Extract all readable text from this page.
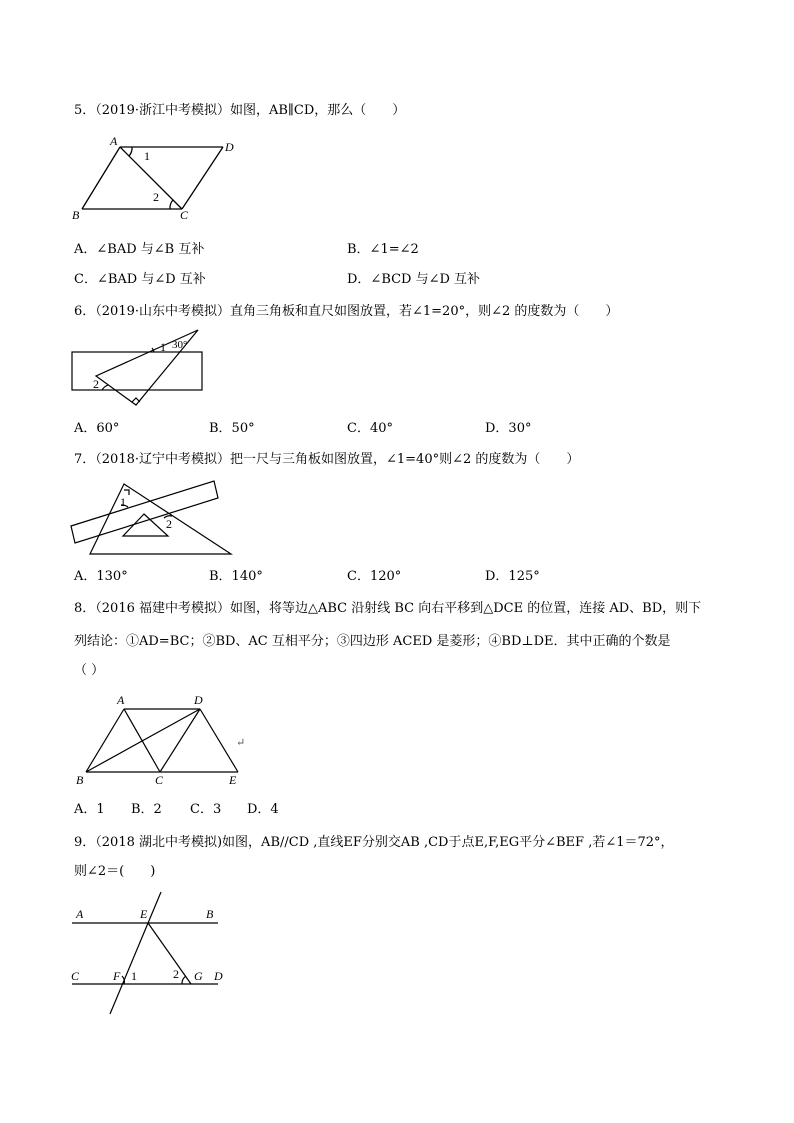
5．（2019·浙江中考模拟）如图，AB∥CD，那么（　　）
A	D
B	C
1
2
A．∠BAD 与∠B 互补	B．∠1=∠2
C．∠BAD 与∠D 互补	D．∠BCD 与∠D 互补
6．（2019·山东中考模拟）直角三角板和直尺如图放置，若∠1=20°，则∠2 的度数为（　　）
1 30°
2
A．60°	B．50°	C．40°	D．30°
7．（2018·辽宁中考模拟）把一尺与三角板如图放置，∠1=40°则∠2 的度数为（　　）
1
2
A．130°	B．140°	C．120°	D．125°
8．（2016 福建中考模拟）如图，将等边△ABC 沿射线 BC 向右平移到△DCE 的位置，连接 AD、BD，则下
列结论：①AD=BC；②BD、AC 互相平分；③四边形 ACED 是菱形；④BD⊥DE．其中正确的个数是
（ ）
A	D
B	C	E
↵
A．1 B．2 C．3 D．4
9．（2018 湖北中考模拟)如图，AB//CD ,直线EF分别交AB ,CD于点E,F,EG平分∠BEF ,若∠1＝72°，
则∠2＝(　　)
A	E	B
C	F 1	2 G D
